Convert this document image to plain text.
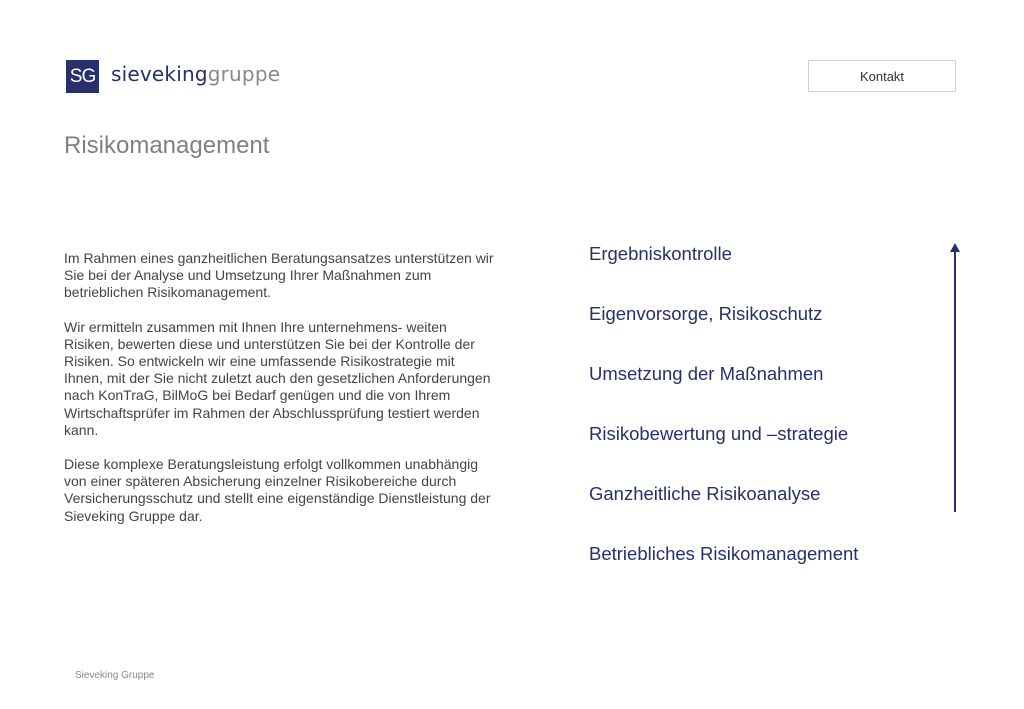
SG sievekinggruppe	Kontakt
Risikomanagement

Im Rahmen eines ganzheitlichen Beratungsansatzes unterstützen wir Sie bei der Analyse und Umsetzung Ihrer Maßnahmen zum betrieblichen Risikomanagement.

Wir ermitteln zusammen mit Ihnen Ihre unternehmens- weiten Risiken, bewerten diese und unterstützen Sie bei der Kontrolle der Risiken. So entwickeln wir eine umfassende Risikostrategie mit Ihnen, mit der Sie nicht zuletzt auch den gesetzlichen Anforderungen nach KonTraG, BilMoG bei Bedarf genügen und die von Ihrem Wirtschaftsprüfer im Rahmen der Abschlussprüfung testiert werden kann.

Diese komplexe Beratungsleistung erfolgt vollkommen unabhängig von einer späteren Absicherung einzelner Risikobereiche durch Versicherungsschutz und stellt eine eigenständige Dienstleistung der Sieveking Gruppe dar.

Ergebniskontrolle
Eigenvorsorge, Risikoschutz
Umsetzung der Maßnahmen
Risikobewertung und –strategie
Ganzheitliche Risikoanalyse
Betriebliches Risikomanagement
Sieveking Gruppe
